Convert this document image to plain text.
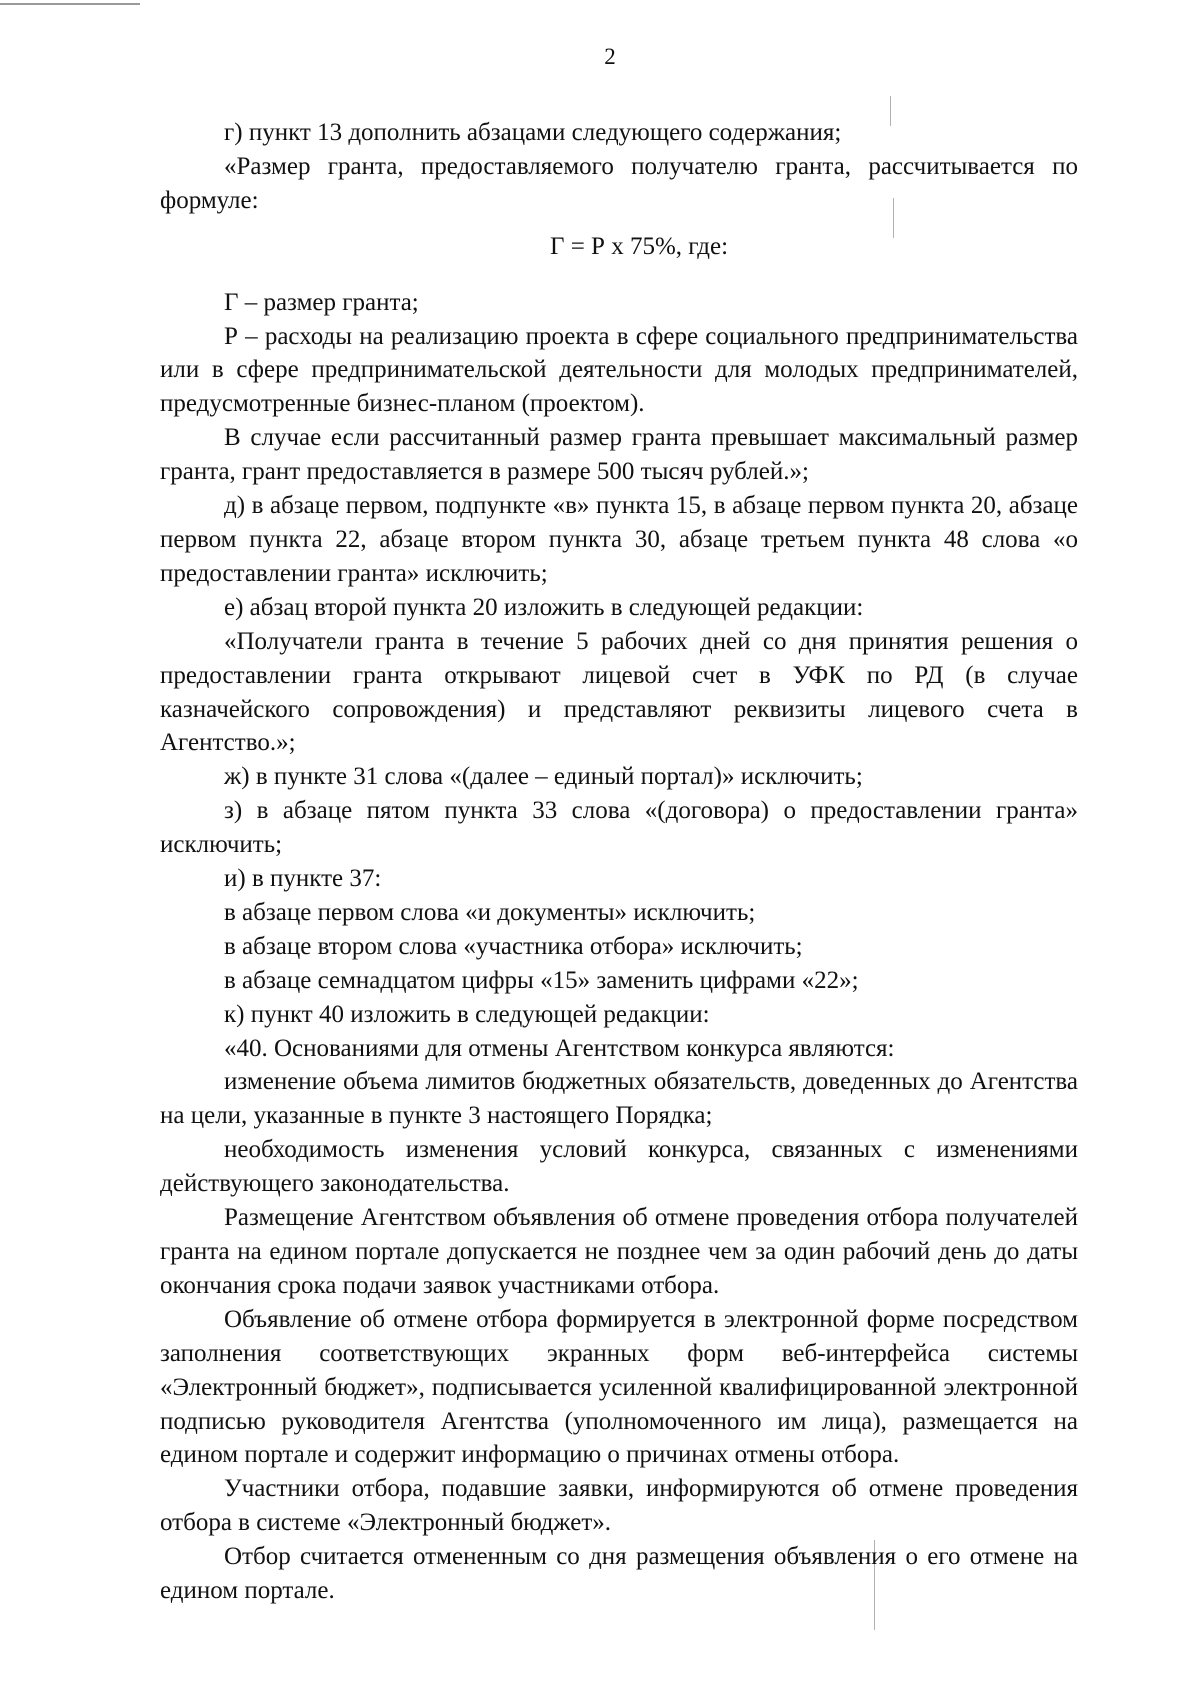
2

г) пункт 13 дополнить абзацами следующего содержания;

«Размер гранта, предоставляемого получателю гранта, рассчитывается по формуле:

Г = Р х 75%, где:

Г – размер гранта;

Р – расходы на реализацию проекта в сфере социального предпринимательства или в сфере предпринимательской деятельности для молодых предпринимателей, предусмотренные бизнес-планом (проектом).

В случае если рассчитанный размер гранта превышает максимальный размер гранта, грант предоставляется в размере 500 тысяч рублей.»;

д) в абзаце первом, подпункте «в» пункта 15, в абзаце первом пункта 20, абзаце первом пункта 22, абзаце втором пункта 30, абзаце третьем пункта 48 слова «о предоставлении гранта» исключить;

е) абзац второй пункта 20 изложить в следующей редакции:

«Получатели гранта в течение 5 рабочих дней со дня принятия решения о предоставлении гранта открывают лицевой счет в УФК по РД (в случае казначейского сопровождения) и представляют реквизиты лицевого счета в Агентство.»;

ж) в пункте 31 слова «(далее – единый портал)» исключить;

з) в абзаце пятом пункта 33 слова «(договора) о предоставлении гранта» исключить;

и) в пункте 37:

в абзаце первом слова «и документы» исключить;

в абзаце втором слова «участника отбора» исключить;

в абзаце семнадцатом цифры «15» заменить цифрами «22»;

к) пункт 40 изложить в следующей редакции:

«40. Основаниями для отмены Агентством конкурса являются:

изменение объема лимитов бюджетных обязательств, доведенных до Агентства на цели, указанные в пункте 3 настоящего Порядка;

необходимость изменения условий конкурса, связанных с изменениями действующего законодательства.

Размещение Агентством объявления об отмене проведения отбора получателей гранта на едином портале допускается не позднее чем за один рабочий день до даты окончания срока подачи заявок участниками отбора.

Объявление об отмене отбора формируется в электронной форме посредством заполнения соответствующих экранных форм веб-интерфейса системы «Электронный бюджет», подписывается усиленной квалифицированной электронной подписью руководителя Агентства (уполномоченного им лица), размещается на едином портале и содержит информацию о причинах отмены отбора.

Участники отбора, подавшие заявки, информируются об отмене проведения отбора в системе «Электронный бюджет».

Отбор считается отмененным со дня размещения объявления о его отмене на едином портале.
